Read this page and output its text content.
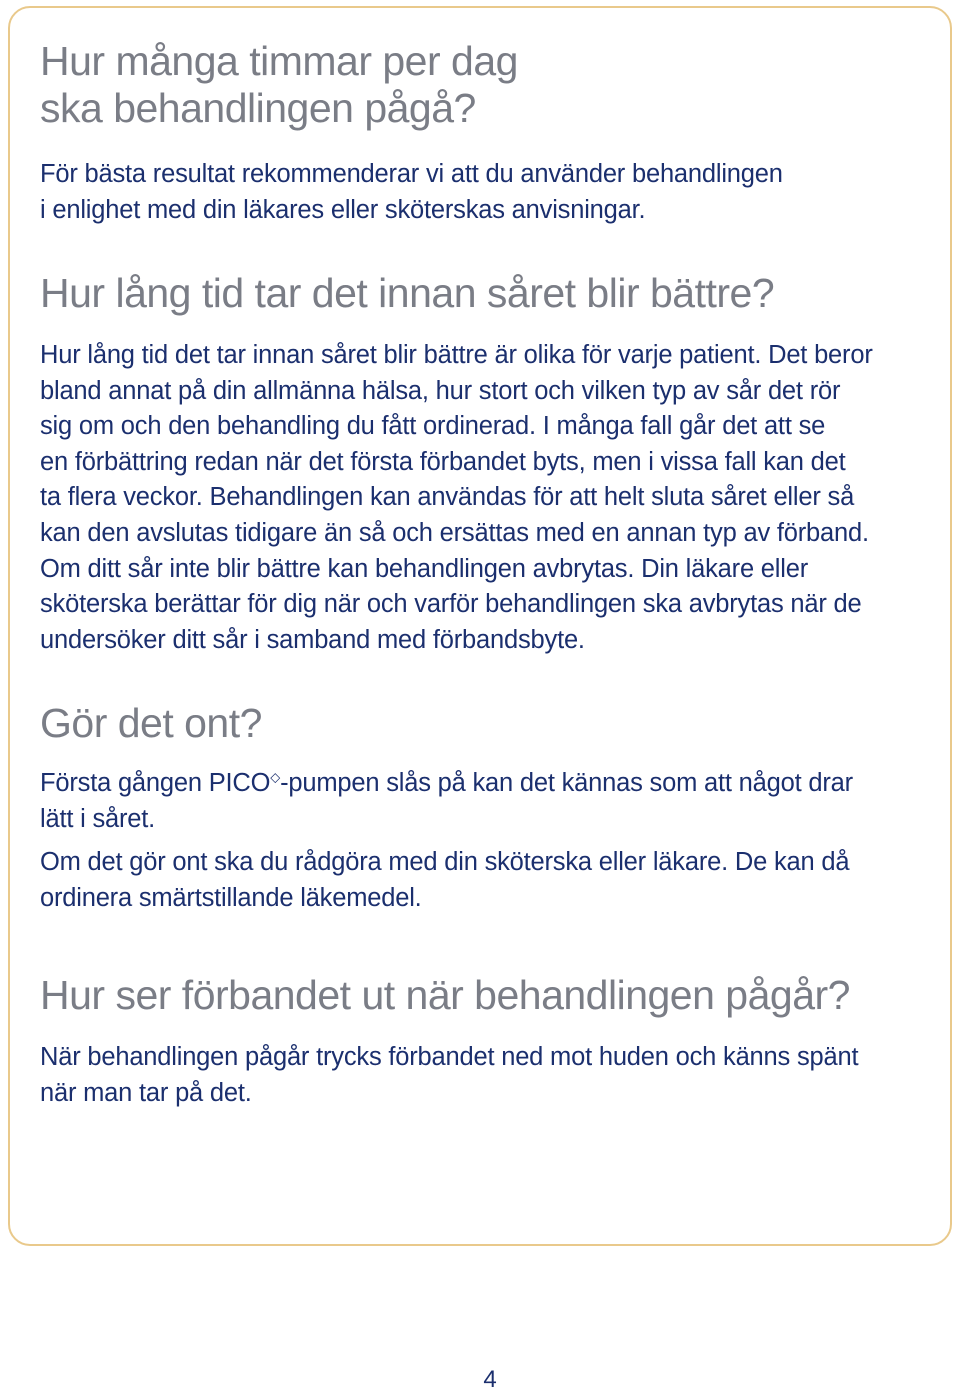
Hur många timmar per dag
ska behandlingen pågå?

För bästa resultat rekommenderar vi att du använder behandlingen
i enlighet med din läkares eller sköterskas anvisningar.

Hur lång tid tar det innan såret blir bättre?

Hur lång tid det tar innan såret blir bättre är olika för varje patient. Det beror
bland annat på din allmänna hälsa, hur stort och vilken typ av sår det rör
sig om och den behandling du fått ordinerad. I många fall går det att se
en förbättring redan när det första förbandet byts, men i vissa fall kan det
ta flera veckor. Behandlingen kan användas för att helt sluta såret eller så
kan den avslutas tidigare än så och ersättas med en annan typ av förband.
Om ditt sår inte blir bättre kan behandlingen avbrytas. Din läkare eller
sköterska berättar för dig när och varför behandlingen ska avbrytas när de
undersöker ditt sår i samband med förbandsbyte.

Gör det ont?

Första gången PICO◇-pumpen slås på kan det kännas som att något drar
lätt i såret.

Om det gör ont ska du rådgöra med din sköterska eller läkare. De kan då
ordinera smärtstillande läkemedel.

Hur ser förbandet ut när behandlingen pågår?

När behandlingen pågår trycks förbandet ned mot huden och känns spänt
när man tar på det.

4
